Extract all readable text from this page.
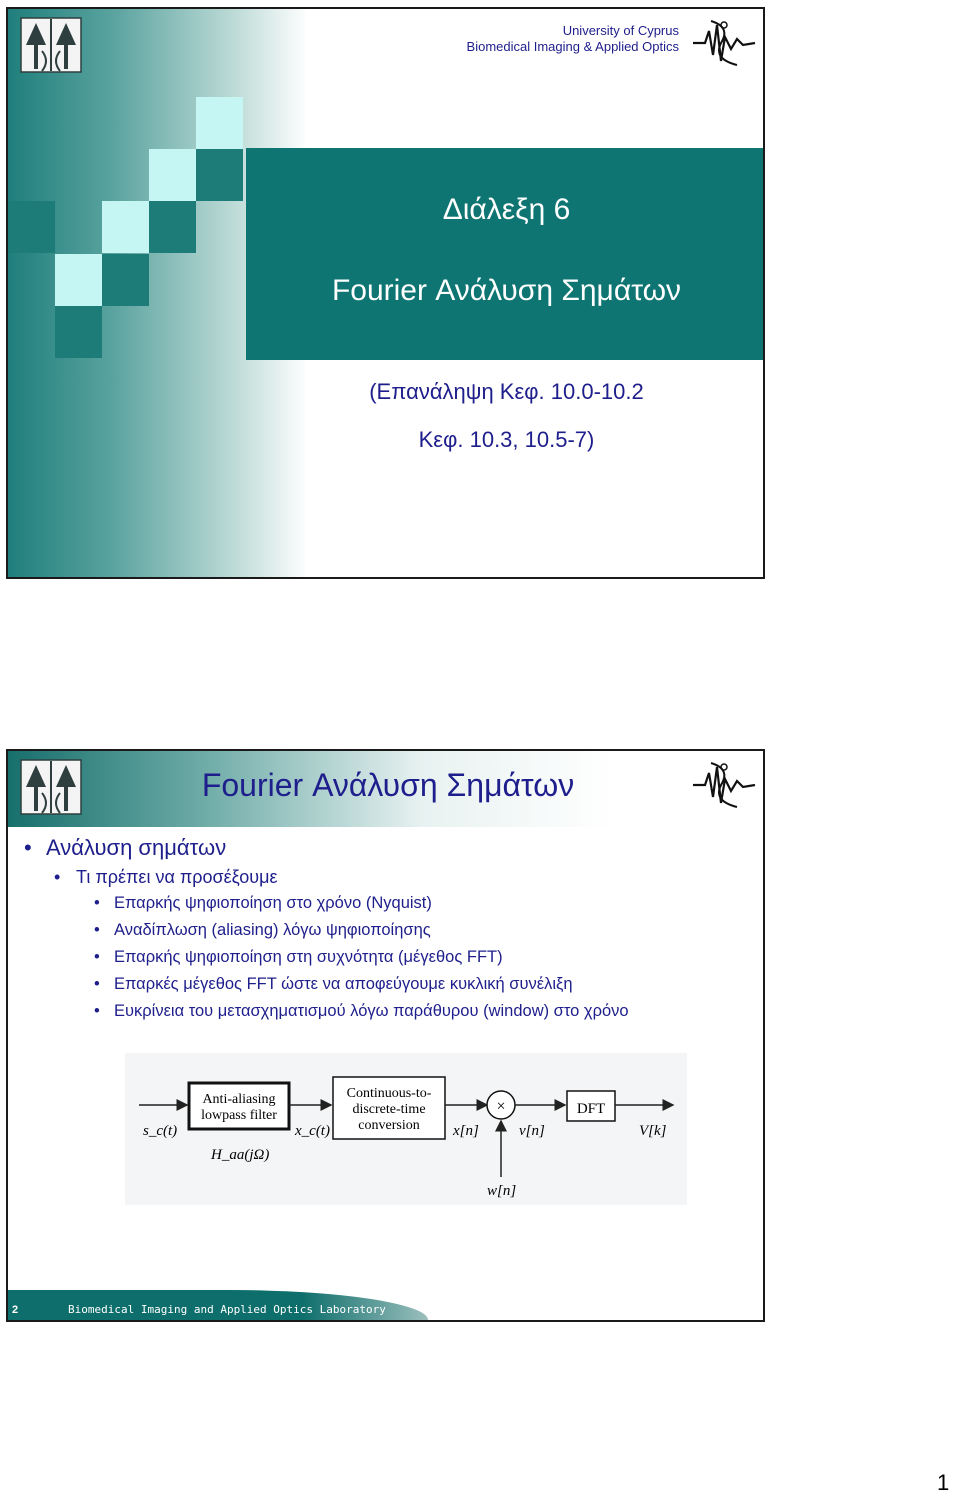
University of Cyprus
Biomedical Imaging & Applied Optics
Διάλεξη 6
Fourier Ανάλυση Σημάτων
(Επανάληψη Κεφ. 10.0-10.2
Κεφ. 10.3, 10.5-7)
Fourier Ανάλυση Σημάτων
• Ανάλυση σημάτων
• Τι πρέπει να προσέξουμε
• Επαρκής ψηφιοποίηση στο χρόνο (Nyquist)
• Αναδίπλωση (aliasing) λόγω ψηφιοποίησης
• Επαρκής ψηφιοποίηση στη συχνότητα (μέγεθος FFT)
• Επαρκές μέγεθος FFT ώστε να αποφεύγουμε κυκλική συνέλιξη
• Ευκρίνεια του μετασχηματισμού λόγω παράθυρου (window) στο χρόνο
s_c(t)
Anti-aliasing
lowpass filter
H_aa(jΩ)
x_c(t)
Continuous-to-
discrete-time
conversion x[n]
×
w[n]
v[n]
DFT
V[k]
2	Biomedical Imaging and Applied Optics Laboratory
1
